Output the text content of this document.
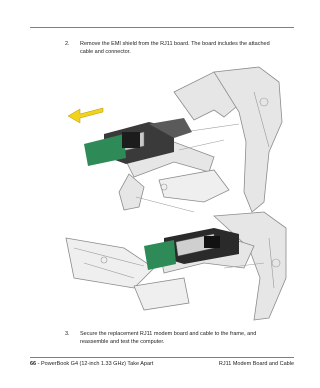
2. Remove the EMI shield from the RJ11 board. The board includes the attached cable and connector.
3. Secure the replacement RJ11 modem board and cable to the frame, and reassemble and test the computer.
66 - PowerBook G4 (12-inch 1.33 GHz) Take Apart	RJ11 Modem Board and Cable
